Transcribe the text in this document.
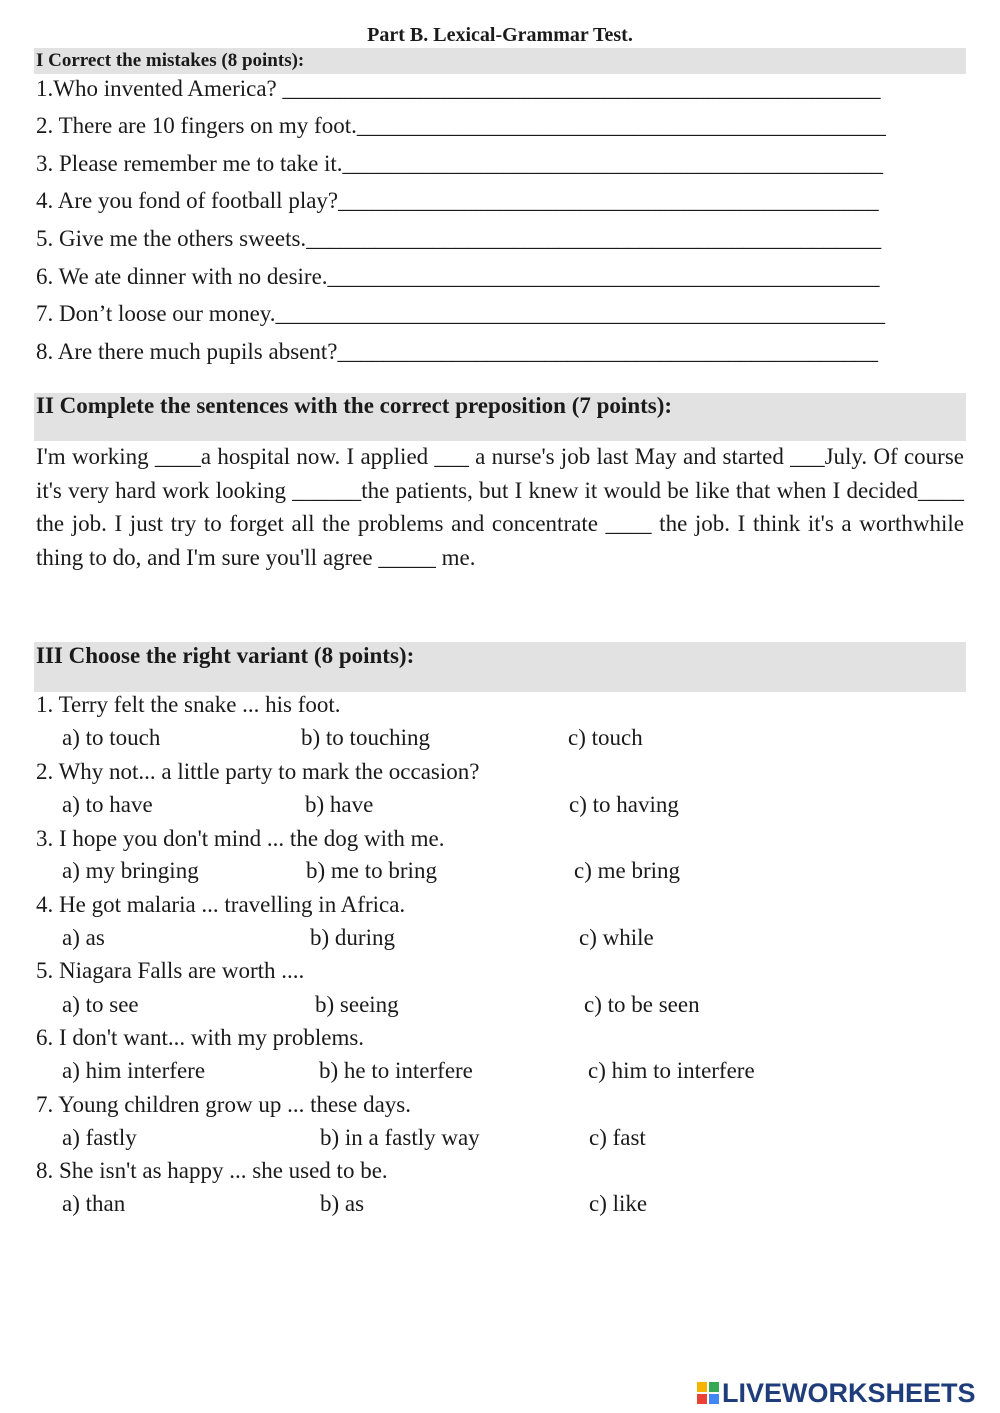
Part B. Lexical-Grammar Test.
I Correct the mistakes (8 points):
1.Who invented America? ____________________________________________________
2. There are 10 fingers on my foot.______________________________________________
3. Please remember me to take it._______________________________________________
4. Are you fond of football play?_______________________________________________
5. Give me the others sweets.__________________________________________________
6. We ate dinner with no desire.________________________________________________
7. Don’t loose our money._____________________________________________________
8. Are there much pupils absent?_______________________________________________
II Complete the sentences with the correct preposition (7 points):
I'm working ____a hospital now. I applied ___ a nurse's job last May and started ___July. Of course it's very hard work looking ______the patients, but I knew it would be like that when I decided____ the job. I just try to forget all the problems and concentrate ____ the job. I think it's a worthwhile thing to do, and I'm sure you'll agree _____ me.
III Choose the right variant (8 points):
1. Terry felt the snake ... his foot.
a) to touch	b) to touching	c) touch
2. Why not... a little party to mark the occasion?
a) to have	b) have	c) to having
3. I hope you don't mind ... the dog with me.
a) my bringing	b) me to bring	c) me bring
4. He got malaria ... travelling in Africa.
a) as	b) during	c) while
5. Niagara Falls are worth ....
a) to see	b) seeing	c) to be seen
6. I don't want... with my problems.
a) him interfere	b) he to interfere	c) him to interfere
7. Young children grow up ... these days.
a) fastly	b) in a fastly way	c) fast
8. She isn't as happy ... she used to be.
a) than	b) as	c) like
LIVEWORKSHEETS
